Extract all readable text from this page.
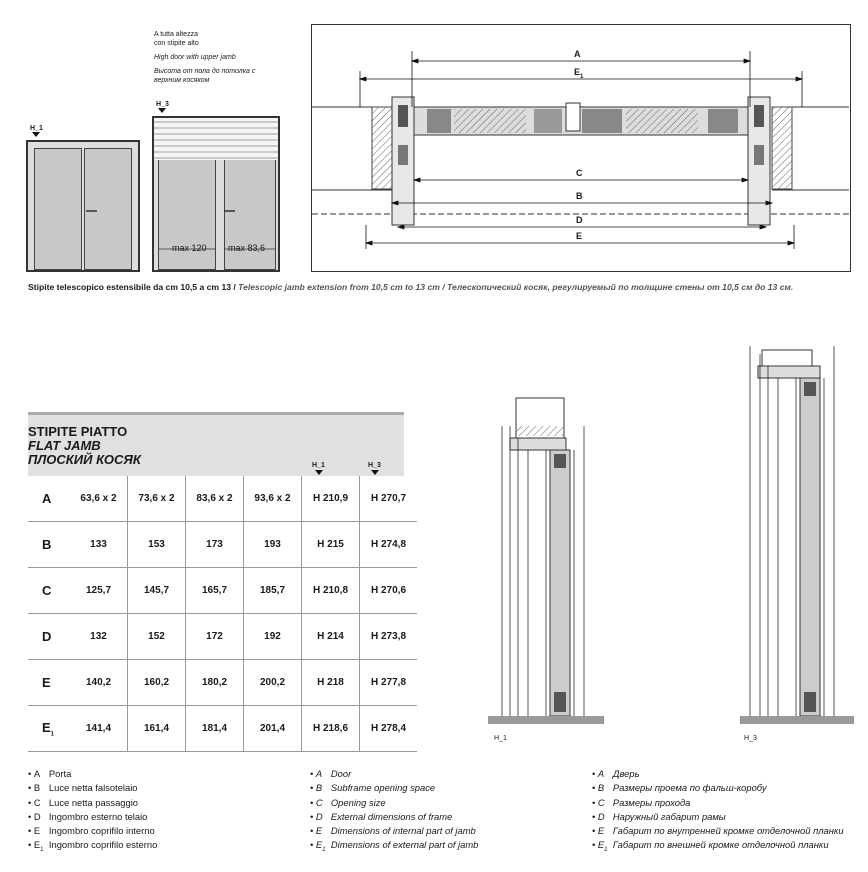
A tutta altezza
con stipite alto
High door with upper jamb
Высота от пола до потолка с
верхним косяком
H_1
H_3
max 120 max 83,6
A
$E_1$
C
B
D
E
Stipite telescopico estensibile da cm 10,5 a cm 13 / Telescopic jamb extension from 10,5 cm to 13 cm / Телескопический косяк, регулируемый по толщине стены от 10,5 см до 13 см.
STIPITE PIATTO
FLAT JAMB
ПЛОСКИЙ КОСЯК	H_1	H_3
A	63,6 x 2	73,6 x 2	83,6 x 2	93,6 x 2	H 210,9	H 270,7
B	133	153	173	193	H 215	H 274,8
C	125,7	145,7	165,7	185,7	H 210,8	H 270,6
D	132	152	172	192	H 214	H 273,8
E	140,2	160,2	180,2	200,2	H 218	H 277,8
$E_1$	141,4	161,4	181,4	201,4	H 218,6	H 278,4
H_1	H_3
• A Porta
• B Luce netta falsotelaio
• C Luce netta passaggio
• D Ingombro esterno telaio
• E Ingombro coprifilo interno
• $E_1$ Ingombro coprifilo esterno
• A Door
• B Subframe opening space
• C Opening size
• D External dimensions of frame
• E Dimensions of internal part of jamb
• $E_1$ Dimensions of external part of jamb
• A Дверь
• B Размеры проема по фальш-коробу
• C Размеры прохода
• D Наружный габарит рамы
• E Габарит по внутренней кромке отделочной планки
• $E_1$ Габарит по внешней кромке отделочной планки
